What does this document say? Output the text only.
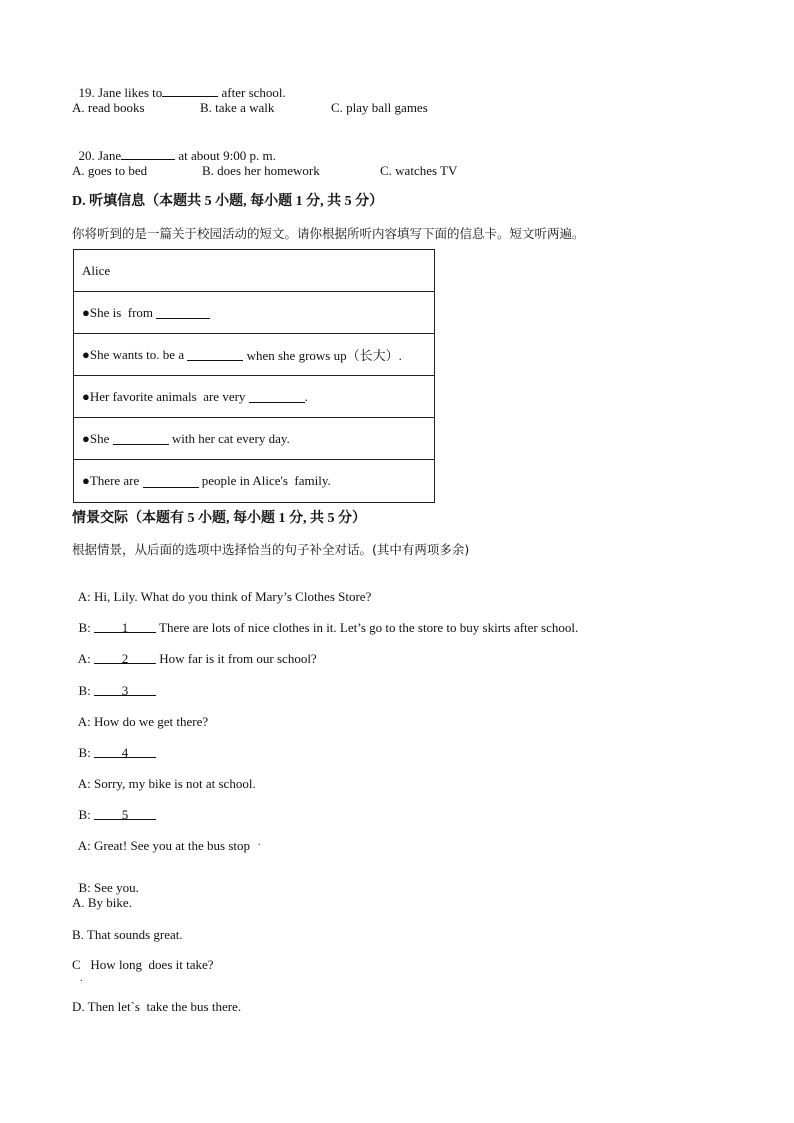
19. Jane likes to	after school.

A. read books	B. take a walk	C. play ball games

20. Jane	at about 9:00 p. m.

A. goes to bed	B. does her homework	C. watches TV
D. 听填信息（本题共 5 小题, 每小题 1 分, 共 5 分）
你将听到的是一篇关于校园活动的短文。请你根据所听内容填写下面的信息卡。短文听两遍。
Alice
●She is  from
●She wants to. be a	when she grows up（长大）.
●Her favorite animals  are very	.
●She	with her cat every day.
●There are	people in Alice's  family.
情景交际（本题有 5 小题, 每小题 1 分, 共 5 分）
根据情景，从后面的选项中选择恰当的句子补全对话。(其中有两项多余)

A: Hi, Lily. What do you think of Mary’s Clothes Store?

B: 1 There are lots of nice clothes in it. Let’s go to the store to buy skirts after school.

A: 2 How far is it from our school?

B: 3

A: How do we get there?

B: 4

A: Sorry, my bike is not at school.

B: 5

A: Great! See you at the bus stop .

B: See you.

A. By bike.
B. That sounds great.
C   How long  does it take?
.
D. Then let`s  take the bus there.
